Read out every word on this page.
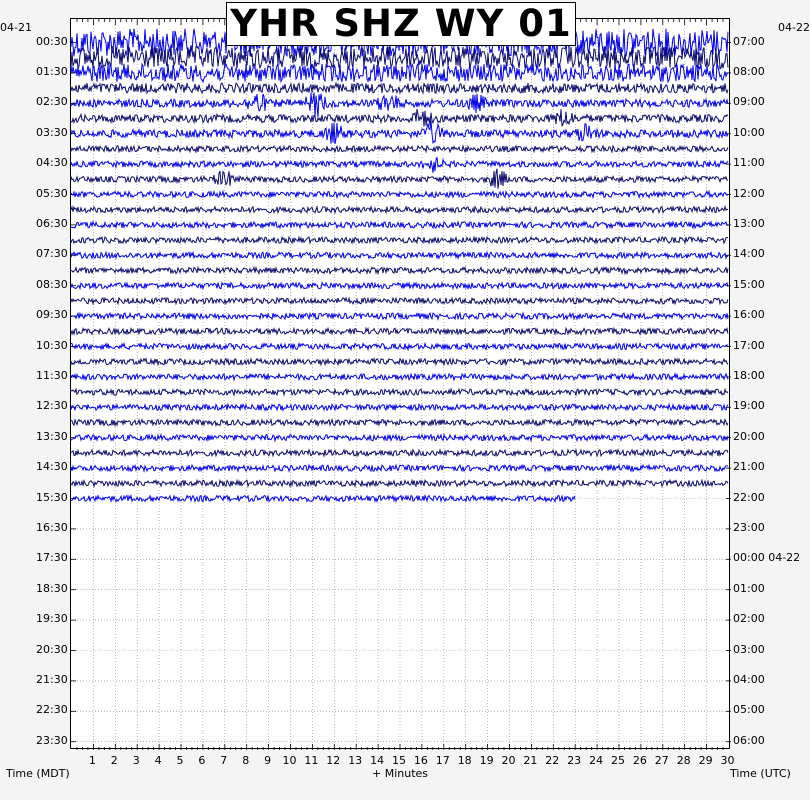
YHR SHZ WY 01
04-21	04-22
00:30
01:30
02:30
03:30
04:30
05:30
06:30
07:30
08:30
09:30
10:30
11:30
12:30
13:30
14:30
15:30
16:30
17:30
18:30
19:30
20:30
21:30
22:30
23:30
07:00
08:00
09:00
10:00
11:00
12:00
13:00
14:00
15:00
16:00
17:00
18:00
19:00
20:00
21:00
22:00
23:00
00:00 04-22
01:00
02:00
03:00
04:00
05:00
06:00
1	2	3	4	5	6	7	8	9	10 11 12 13 14 15 16 17 18 19 20 21 22 23 24 25 26 27 28 29 30
Time (MDT)	+ Minutes	Time (UTC)
